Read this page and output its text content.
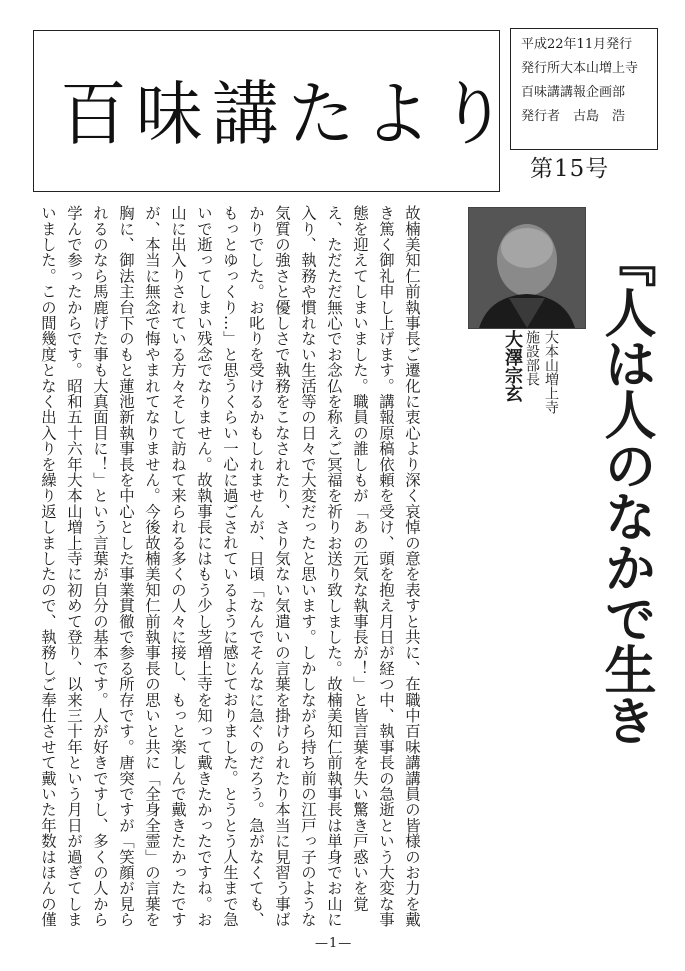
百味講たより
平成22年11月発行
発行所大本山増上寺
百味講講報企画部
発行者　古島　浩
第15号
『人は人のなかで生き
大本山増上寺
施設部長
大澤宗玄
故楠美知仁前執事長ご遷化に衷心より深く哀悼の意を表すと共に、在職中百味講講員の皆様のお力を戴き篤く御礼申し上げます。講報原稿依頼を受け、頭を抱え月日が経つ中、執事長の急逝という大変な事態を迎えてしまいました。職員の誰しもが「あの元気な執事長が！」と皆言葉を失い驚き戸惑いを覚え、ただただ無心でお念仏を称えご冥福を祈りお送り致しました。故楠美知仁前執事長は単身でお山に入り、執務や慣れない生活等の日々で大変だったと思います。しかしながら持ち前の江戸っ子のような気質の強さと優しさで執務をこなされたり、さり気ない気遣いの言葉を掛けられたり本当に見習う事ばかりでした。お叱りを受けるかもしれませんが、日頃「なんでそんなに急ぐのだろう。急がなくても、もっとゆっくり…」と思うくらい一心に過ごされているように感じておりました。とうとう人生まで急いで逝ってしまい残念でなりません。故執事長にはもう少し芝増上寺を知って戴きたかったですね。お山に出入りされている方々そして訪ねて来られる多くの人々に接し、もっと楽しんで戴きたかったですが、本当に無念で悔やまれてなりません。今後故楠美知仁前執事長の思いと共に「全身全霊」の言葉を胸に、御法主台下のもと蓮池新執事長を中心とした事業貫徹で参る所存です。唐突ですが「笑顔が見られるのなら馬鹿げた事も大真面目に！」という言葉が自分の基本です。人が好きですし、多くの人から学んで参ったからです。昭和五十六年大本山増上寺に初めて登り、以来三十年という月日が過ぎてしまいました。この間幾度となく出入りを繰り返しましたので、執務しご奉仕させて戴いた年数はほんの僅
—1—
